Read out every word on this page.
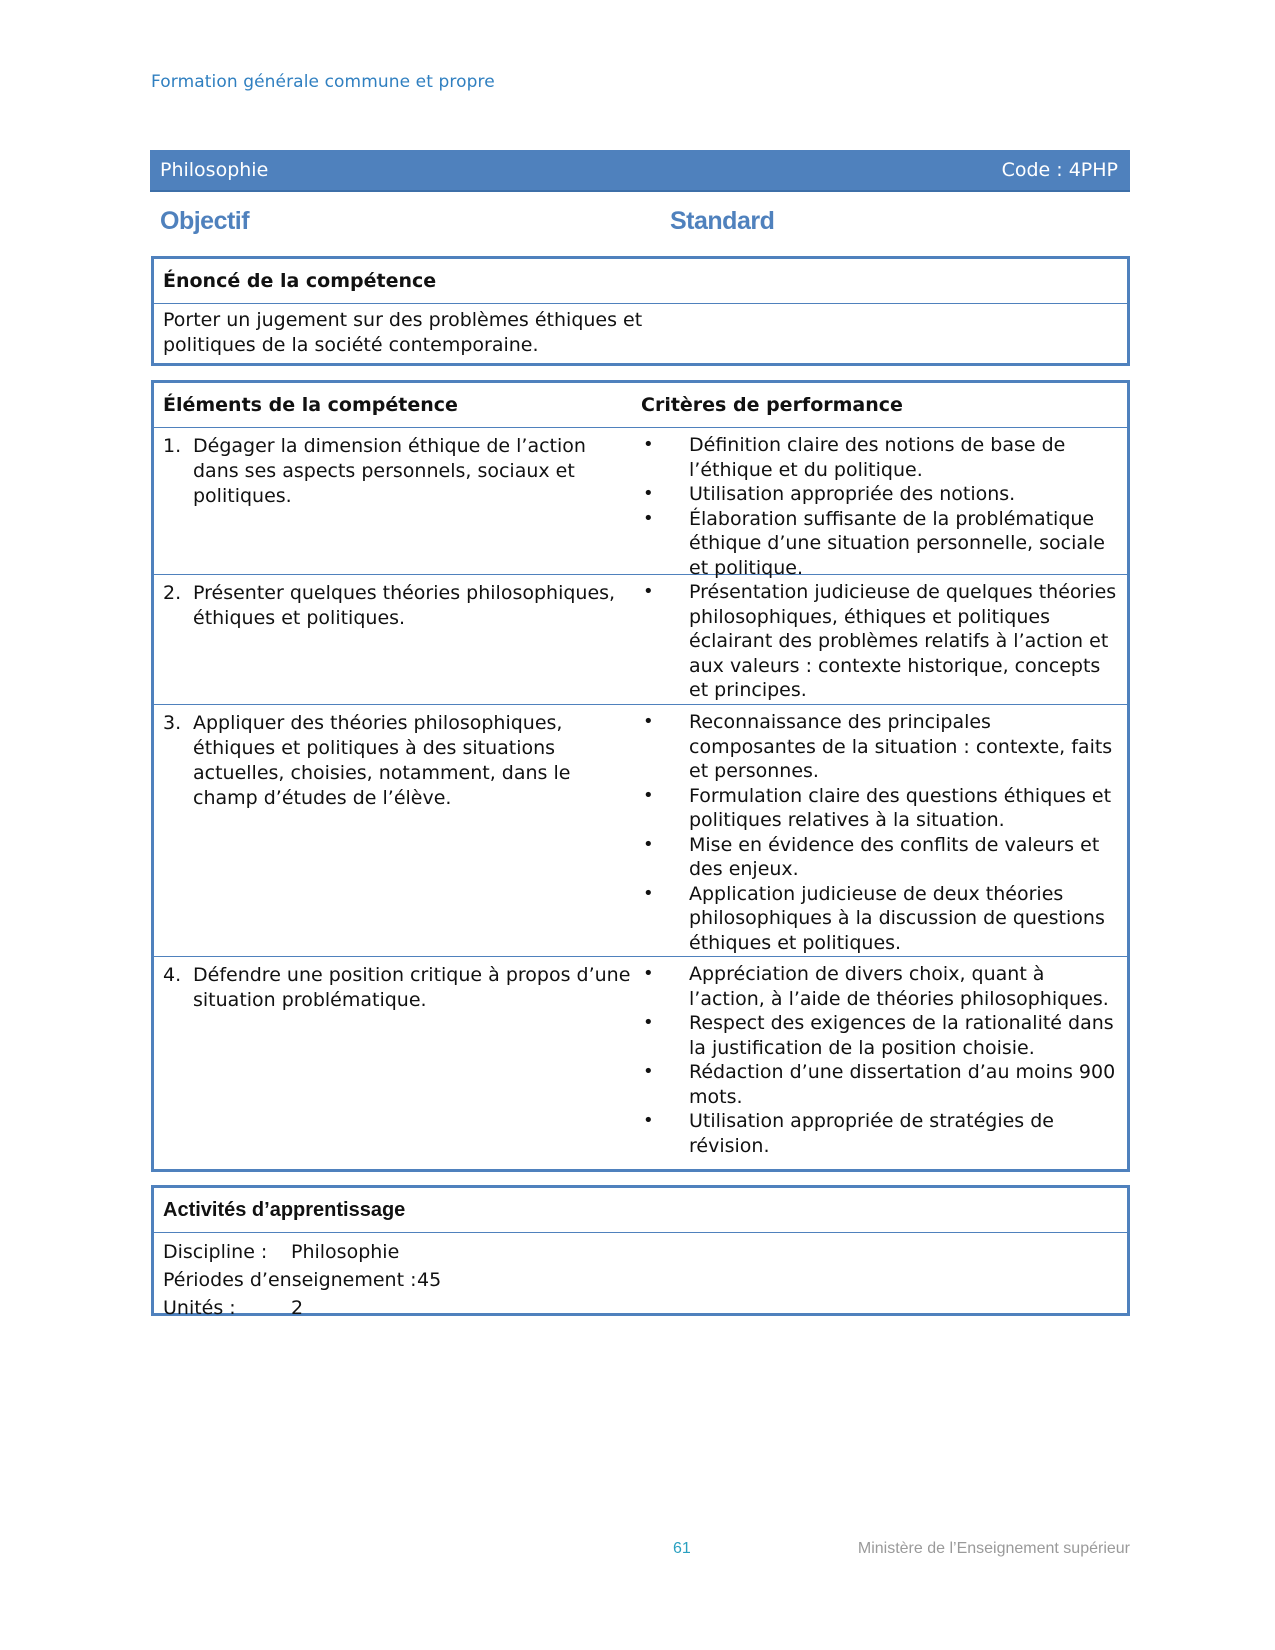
Formation générale commune et propre
Philosophie	Code : 4PHP
Objectif	Standard
Énoncé de la compétence
Porter un jugement sur des problèmes éthiques et
politiques de la société contemporaine.
Éléments de la compétence	Critères de performance
1. Dégager la dimension éthique de l’action dans ses aspects personnels, sociaux et politiques.
• Définition claire des notions de base de l’éthique et du politique.
• Utilisation appropriée des notions.
• Élaboration suffisante de la problématique éthique d’une situation personnelle, sociale et politique.
2. Présenter quelques théories philosophiques, éthiques et politiques.
• Présentation judicieuse de quelques théories philosophiques, éthiques et politiques éclairant des problèmes relatifs à l’action et aux valeurs : contexte historique, concepts et principes.
3. Appliquer des théories philosophiques, éthiques et politiques à des situations actuelles, choisies, notamment, dans le champ d’études de l’élève.
• Reconnaissance des principales composantes de la situation : contexte, faits et personnes.
• Formulation claire des questions éthiques et politiques relatives à la situation.
• Mise en évidence des conflits de valeurs et des enjeux.
• Application judicieuse de deux théories philosophiques à la discussion de questions éthiques et politiques.
4. Défendre une position critique à propos d’une situation problématique.
• Appréciation de divers choix, quant à l’action, à l’aide de théories philosophiques.
• Respect des exigences de la rationalité dans la justification de la position choisie.
• Rédaction d’une dissertation d’au moins 900 mots.
• Utilisation appropriée de stratégies de révision.
Activités d’apprentissage
Discipline : Philosophie
Périodes d’enseignement : 45
Unités :	2
61	Ministère de l’Enseignement supérieur
